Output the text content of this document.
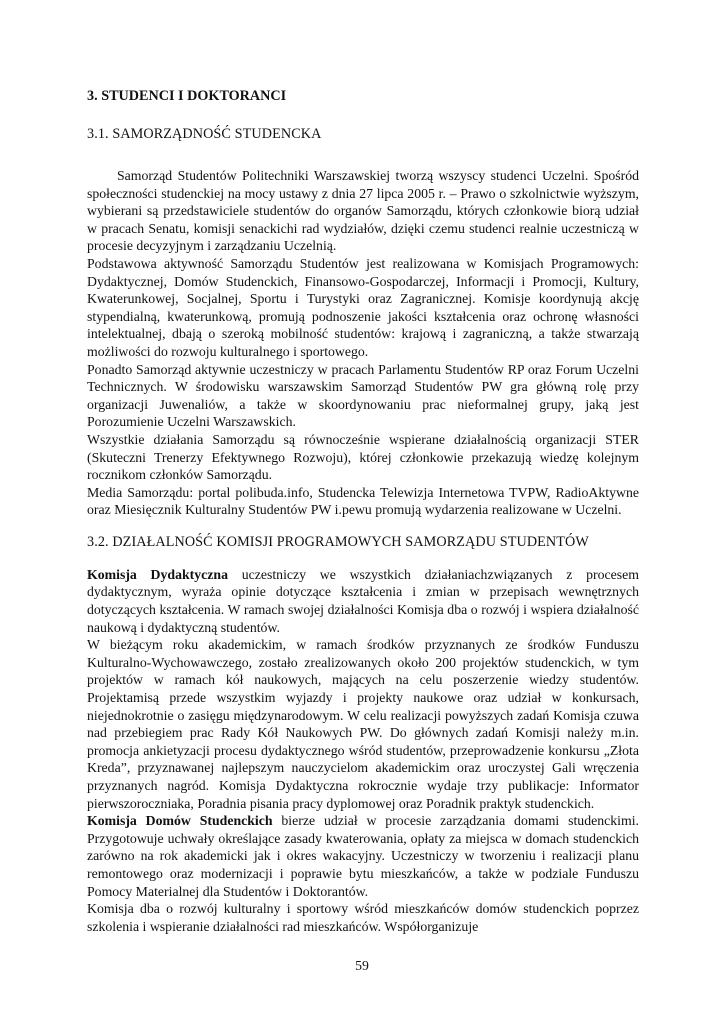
3. STUDENCI I DOKTORANCI
3.1. SAMORZĄDNOŚĆ STUDENCKA

Samorząd Studentów Politechniki Warszawskiej tworzą wszyscy studenci Uczelni. Spośród społeczności studenckiej na mocy ustawy z dnia 27 lipca 2005 r. – Prawo o szkolnictwie wyższym, wybierani są przedstawiciele studentów do organów Samorządu, których członkowie biorą udział w pracach Senatu, komisji senackichi rad wydziałów, dzięki czemu studenci realnie uczestniczą w procesie decyzyjnym i zarządzaniu Uczelnią.

Podstawowa aktywność Samorządu Studentów jest realizowana w Komisjach Programowych: Dydaktycznej, Domów Studenckich, Finansowo-Gospodarczej, Informacji i Promocji, Kultury, Kwaterunkowej, Socjalnej, Sportu i Turystyki oraz Zagranicznej. Komisje koordynują akcję stypendialną, kwaterunkową, promują podnoszenie jakości kształcenia oraz ochronę własności intelektualnej, dbają o szeroką mobilność studentów: krajową i zagraniczną, a także stwarzają możliwości do rozwoju kulturalnego i sportowego.

Ponadto Samorząd aktywnie uczestniczy w pracach Parlamentu Studentów RP oraz Forum Uczelni Technicznych. W środowisku warszawskim Samorząd Studentów PW gra główną rolę przy organizacji Juwenaliów, a także w skoordynowaniu prac nieformalnej grupy, jaką jest Porozumienie Uczelni Warszawskich.

Wszystkie działania Samorządu są równocześnie wspierane działalnością organizacji STER (Skuteczni Trenerzy Efektywnego Rozwoju), której członkowie przekazują wiedzę kolejnym rocznikom członków Samorządu.

Media Samorządu: portal polibuda.info, Studencka Telewizja Internetowa TVPW, RadioAktywne oraz Miesięcznik Kulturalny Studentów PW i.pewu promują wydarzenia realizowane w Uczelni.

3.2. DZIAŁALNOŚĆ KOMISJI PROGRAMOWYCH SAMORZĄDU STUDENTÓW

Komisja Dydaktyczna uczestniczy we wszystkich działaniachzwiązanych z procesem dydaktycznym, wyraża opinie dotyczące kształcenia i zmian w przepisach wewnętrznych dotyczących kształcenia. W ramach swojej działalności Komisja dba o rozwój i wspiera działalność naukową i dydaktyczną studentów.

W bieżącym roku akademickim, w ramach środków przyznanych ze środków Funduszu Kulturalno-Wychowawczego, zostało zrealizowanych około 200 projektów studenckich, w tym projektów w ramach kół naukowych, mających na celu poszerzenie wiedzy studentów. Projektamisą przede wszystkim wyjazdy i projekty naukowe oraz udział w konkursach, niejednokrotnie o zasięgu międzynarodowym. W celu realizacji powyższych zadań Komisja czuwa nad przebiegiem prac Rady Kół Naukowych PW. Do głównych zadań Komisji należy m.in. promocja ankietyzacji procesu dydaktycznego wśród studentów, przeprowadzenie konkursu „Złota Kreda”, przyznawanej najlepszym nauczycielom akademickim oraz uroczystej Gali wręczenia przyznanych nagród. Komisja Dydaktyczna rokrocznie wydaje trzy publikacje: Informator pierwszoroczniaka, Poradnia pisania pracy dyplomowej oraz Poradnik praktyk studenckich.

Komisja Domów Studenckich bierze udział w procesie zarządzania domami studenckimi. Przygotowuje uchwały określające zasady kwaterowania, opłaty za miejsca w domach studenckich zarówno na rok akademicki jak i okres wakacyjny. Uczestniczy w tworzeniu i realizacji planu remontowego oraz modernizacji i poprawie bytu mieszkańców, a także w podziale Funduszu Pomocy Materialnej dla Studentów i Doktorantów.

Komisja dba o rozwój kulturalny i sportowy wśród mieszkańców domów studenckich poprzez szkolenia i wspieranie działalności rad mieszkańców. Współorganizuje

59
